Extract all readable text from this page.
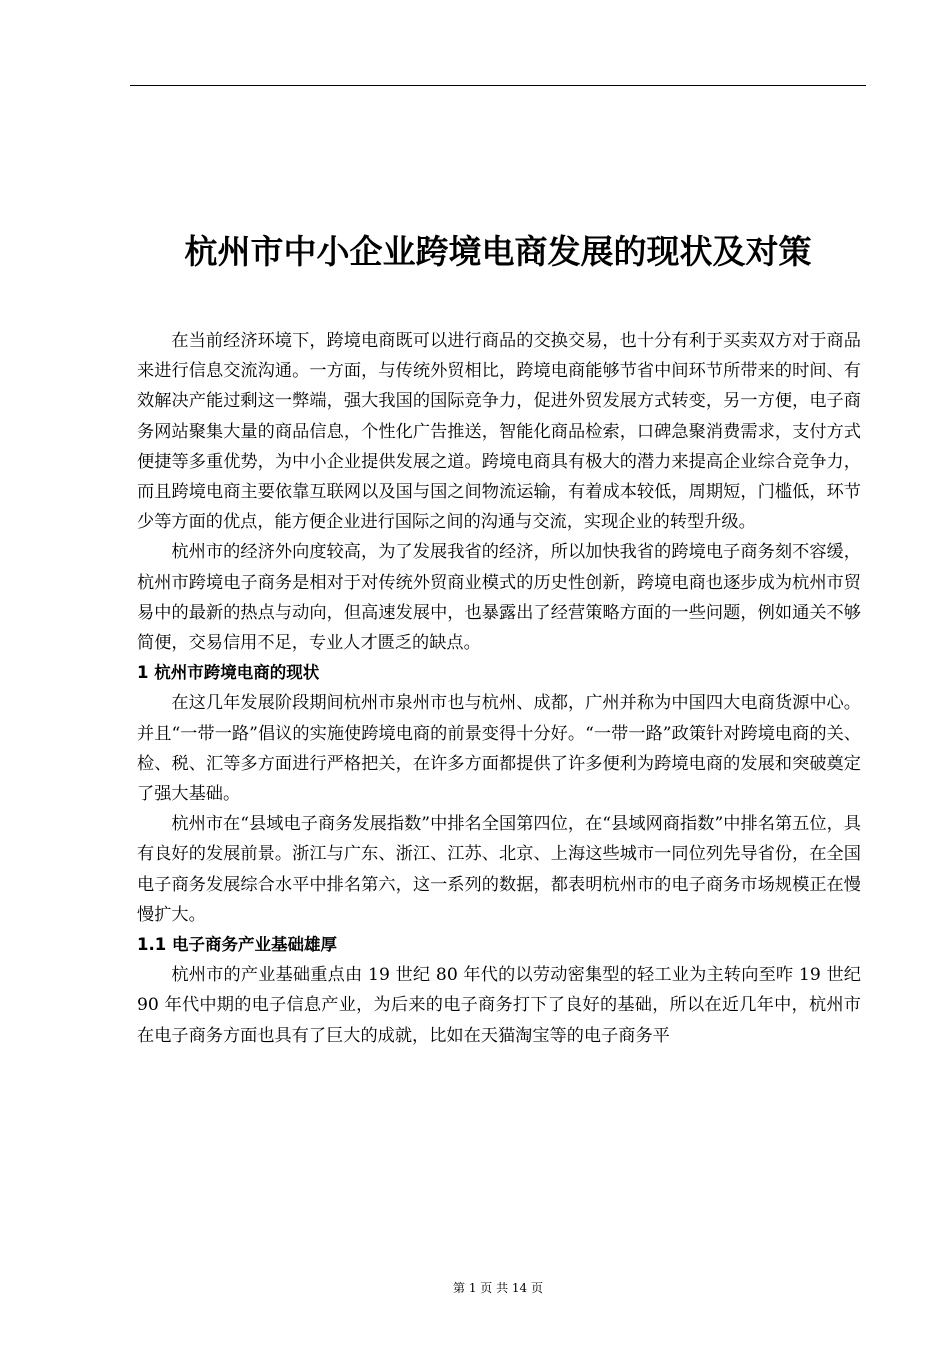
杭州市中小企业跨境电商发展的现状及对策

在当前经济环境下，跨境电商既可以进行商品的交换交易，也十分有利于买卖双方对于商品来进行信息交流沟通。一方面，与传统外贸相比，跨境电商能够节省中间环节所带来的时间、有效解决产能过剩这一弊端，强大我国的国际竞争力，促进外贸发展方式转变，另一方便，电子商务网站聚集大量的商品信息，个性化广告推送，智能化商品检索，口碑急聚消费需求，支付方式便捷等多重优势，为中小企业提供发展之道。跨境电商具有极大的潜力来提高企业综合竞争力，而且跨境电商主要依靠互联网以及国与国之间物流运输，有着成本较低，周期短，门槛低，环节少等方面的优点，能方便企业进行国际之间的沟通与交流，实现企业的转型升级。

杭州市的经济外向度较高，为了发展我省的经济，所以加快我省的跨境电子商务刻不容缓，杭州市跨境电子商务是相对于对传统外贸商业模式的历史性创新，跨境电商也逐步成为杭州市贸易中的最新的热点与动向，但高速发展中，也暴露出了经营策略方面的一些问题，例如通关不够简便，交易信用不足，专业人才匮乏的缺点。

1 杭州市跨境电商的现状

在这几年发展阶段期间杭州市泉州市也与杭州、成都，广州并称为中国四大电商货源中心。并且“一带一路”倡议的实施使跨境电商的前景变得十分好。“一带一路”政策针对跨境电商的关、检、税、汇等多方面进行严格把关，在许多方面都提供了许多便利为跨境电商的发展和突破奠定了强大基础。

杭州市在“县域电子商务发展指数”中排名全国第四位，在“县域网商指数”中排名第五位，具有良好的发展前景。浙江与广东、浙江、江苏、北京、上海这些城市一同位列先导省份，在全国电子商务发展综合水平中排名第六，这一系列的数据，都表明杭州市的电子商务市场规模正在慢慢扩大。

1.1 电子商务产业基础雄厚

杭州市的产业基础重点由 19 世纪 80 年代的以劳动密集型的轻工业为主转向至咋 19 世纪 90 年代中期的电子信息产业，为后来的电子商务打下了良好的基础，所以在近几年中，杭州市在电子商务方面也具有了巨大的成就，比如在天猫淘宝等的电子商务平

第 1 页 共 14 页
